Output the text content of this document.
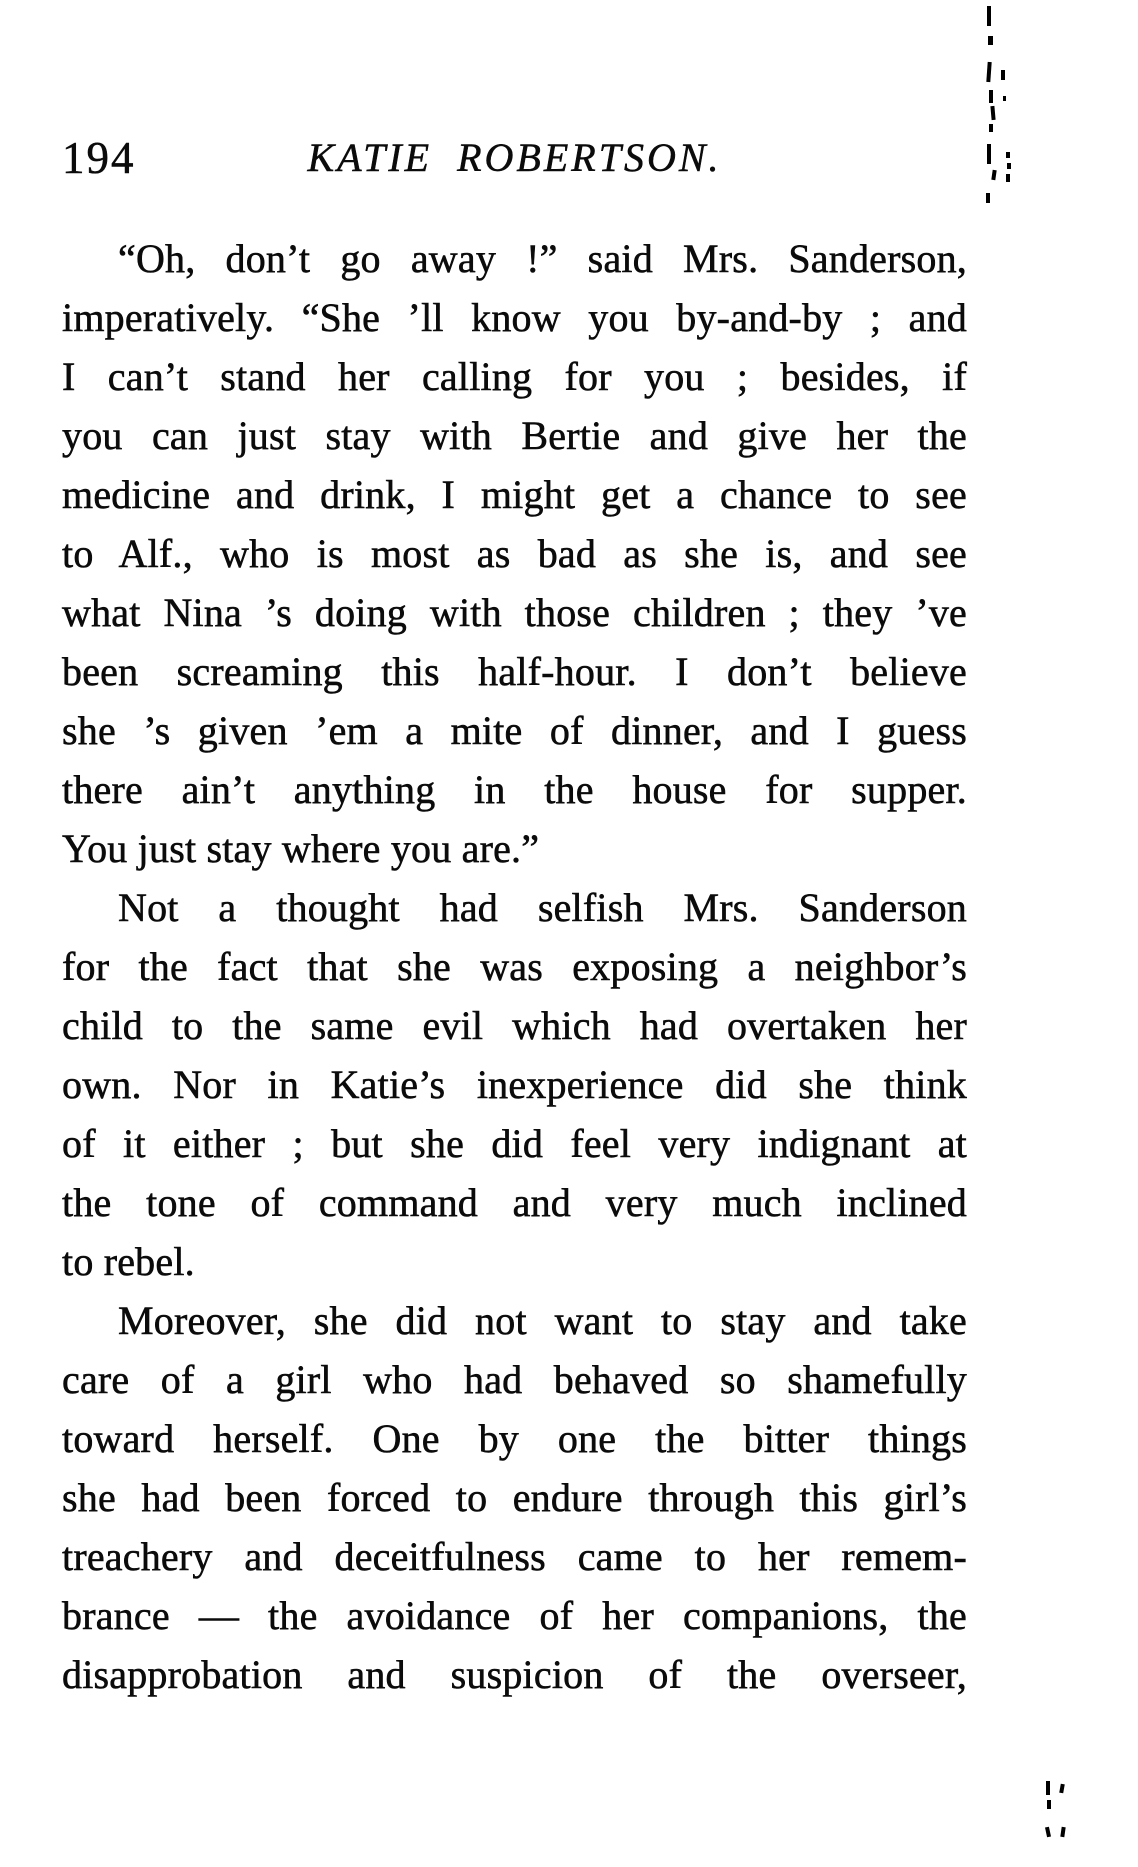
194	KATIE ROBERTSON.
“Oh, don’t go away !” said Mrs. Sanderson,
imperatively. “She ’ll know you by-and-by ; and
I can’t stand her calling for you ; besides, if
you can just stay with Bertie and give her the
medicine and drink, I might get a chance to see
to Alf., who is most as bad as she is, and see
what Nina ’s doing with those children ; they ’ve
been screaming this half-hour. I don’t believe
she ’s given ’em a mite of dinner, and I guess
there ain’t anything in the house for supper.
You just stay where you are.”
Not a thought had selfish Mrs. Sanderson
for the fact that she was exposing a neighbor’s
child to the same evil which had overtaken her
own. Nor in Katie’s inexperience did she think
of it either ; but she did feel very indignant at
the tone of command and very much inclined
to rebel.
Moreover, she did not want to stay and take
care of a girl who had behaved so shamefully
toward herself. One by one the bitter things
she had been forced to endure through this girl’s
treachery and deceitfulness came to her remem-
brance — the avoidance of her companions, the
disapprobation and suspicion of the overseer,
